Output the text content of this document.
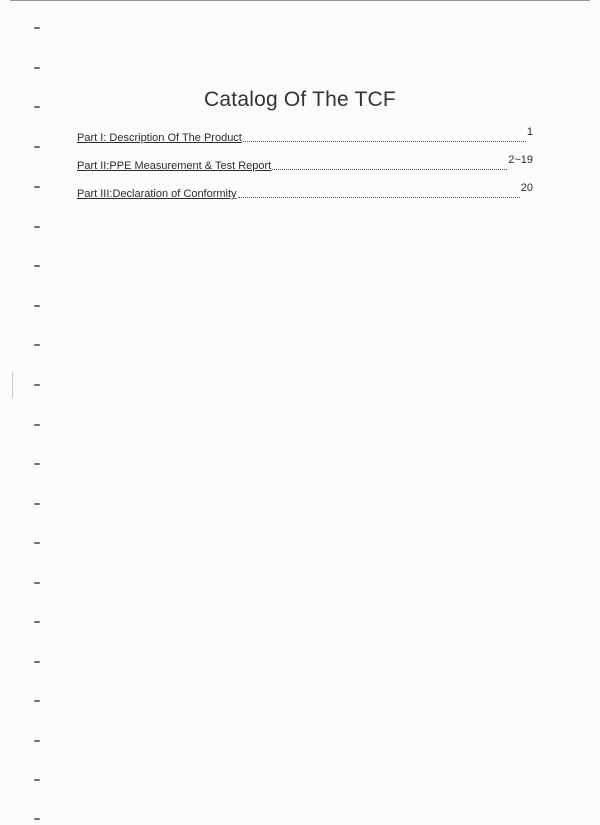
Catalog Of The TCF
Part I: Description Of The Product	1
Part II:PPE Measurement & Test Report	2~19
Part III:Declaration of Conformity	20
